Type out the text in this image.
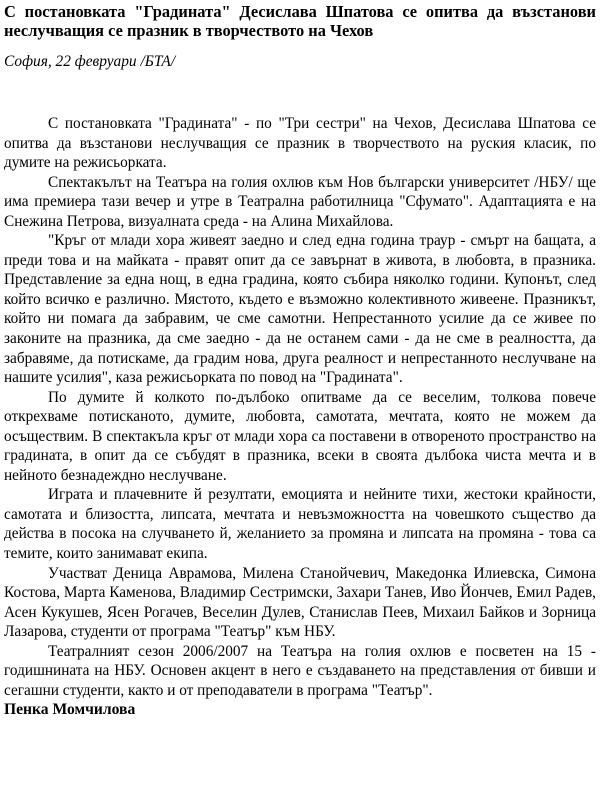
С постановката "Градината" Десислава Шпатова се опитва да възстанови неслучващия се празник в творчеството на Чехов

София, 22 февруари /БТА/

С постановката "Градината" - по "Три сестри" на Чехов, Десислава Шпатова се опитва да възстанови неслучващия се празник в творчеството на руския класик, по думите на режисьорката.

Спектакълът на Театъра на голия охлюв към Нов български университет /НБУ/ ще има премиера тази вечер и утре в Театрална работилница "Сфумато". Адаптацията е на Снежина Петрова, визуалната среда - на Алина Михайлова.

"Кръг от млади хора живеят заедно и след една година траур - смърт на бащата, а преди това и на майката - правят опит да се завърнат в живота, в любовта, в празника. Представление за една нощ, в една градина, която събира няколко години. Купонът, след който всичко е различно. Мястото, където е възможно колективното живеене. Празникът, който ни помага да забравим, че сме самотни. Непрестанното усилие да се живее по законите на празника, да сме заедно - да не останем сами - да не сме в реалността, да забравяме, да потискаме, да градим нова, друга реалност и непрестанното неслучване на нашите усилия", каза режисьорката по повод на "Градината".

По думите й колкото по-дълбоко опитваме да се веселим, толкова повече открехваме потисканото, думите, любовта, самотата, мечтата, която не можем да осъществим. В спектакъла кръг от млади хора са поставени в отвореното пространство на градината, в опит да се събудят в празника, всеки в своята дълбока чиста мечта и в нейното безнадеждно неслучване.

Играта и плачевните й резултати, емоцията и нейните тихи, жестоки крайности, самотата и близостта, липсата, мечтата и невъзможността на човешкото същество да действа в посока на случването й, желанието за промяна и липсата на промяна - това са темите, които занимават екипа.

Участват Деница Аврамова, Милена Станойчевич, Македонка Илиевска, Симона Костова, Марта Каменова, Владимир Сестримски, Захари Танев, Иво Йончев, Емил Радев, Асен Кукушев, Ясен Рогачев, Веселин Дулев, Станислав Пеев, Михаил Байков и Зорница Лазарова, студенти от програма "Театър" към НБУ.

Театралният сезон 2006/2007 на Театъра на голия охлюв е посветен на 15 - годишнината на НБУ. Основен акцент в него е създаването на представления от бивши и сегашни студенти, както и от преподаватели в програма "Театър".

Пенка Момчилова
